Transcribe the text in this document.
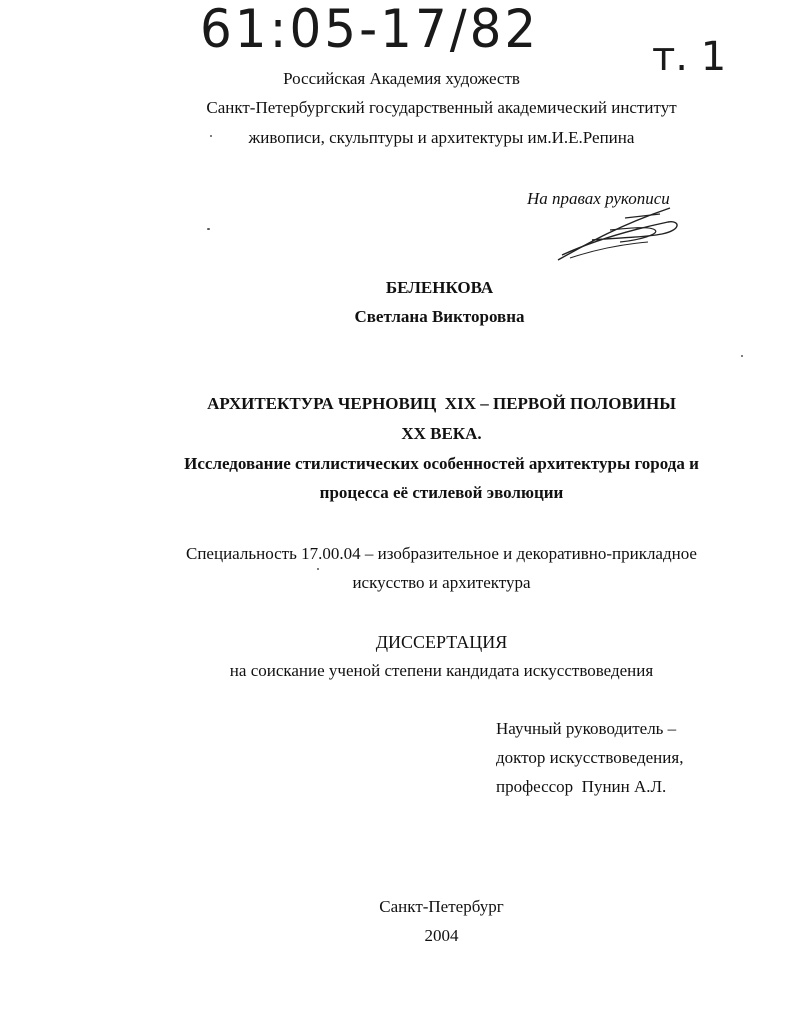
61:05-17/82	т. 1
Российская Академия художеств
Санкт-Петербургский государственный академический институт
живописи, скульптуры и архитектуры им.И.Е.Репина
На правах рукописи
БЕЛЕНКОВА
Светлана Викторовна
АРХИТЕКТУРА ЧЕРНОВИЦ  XIX – ПЕРВОЙ ПОЛОВИНЫ
XX ВЕКА.
Исследование стилистических особенностей архитектуры города и
процесса её стилевой эволюции
Специальность 17.00.04 – изобразительное и декоративно-прикладное
искусство и архитектура
ДИССЕРТАЦИЯ
на соискание ученой степени кандидата искусствоведения
Научный руководитель –
доктор искусствоведения,
профессор  Пунин А.Л.
Санкт-Петербург
2004
